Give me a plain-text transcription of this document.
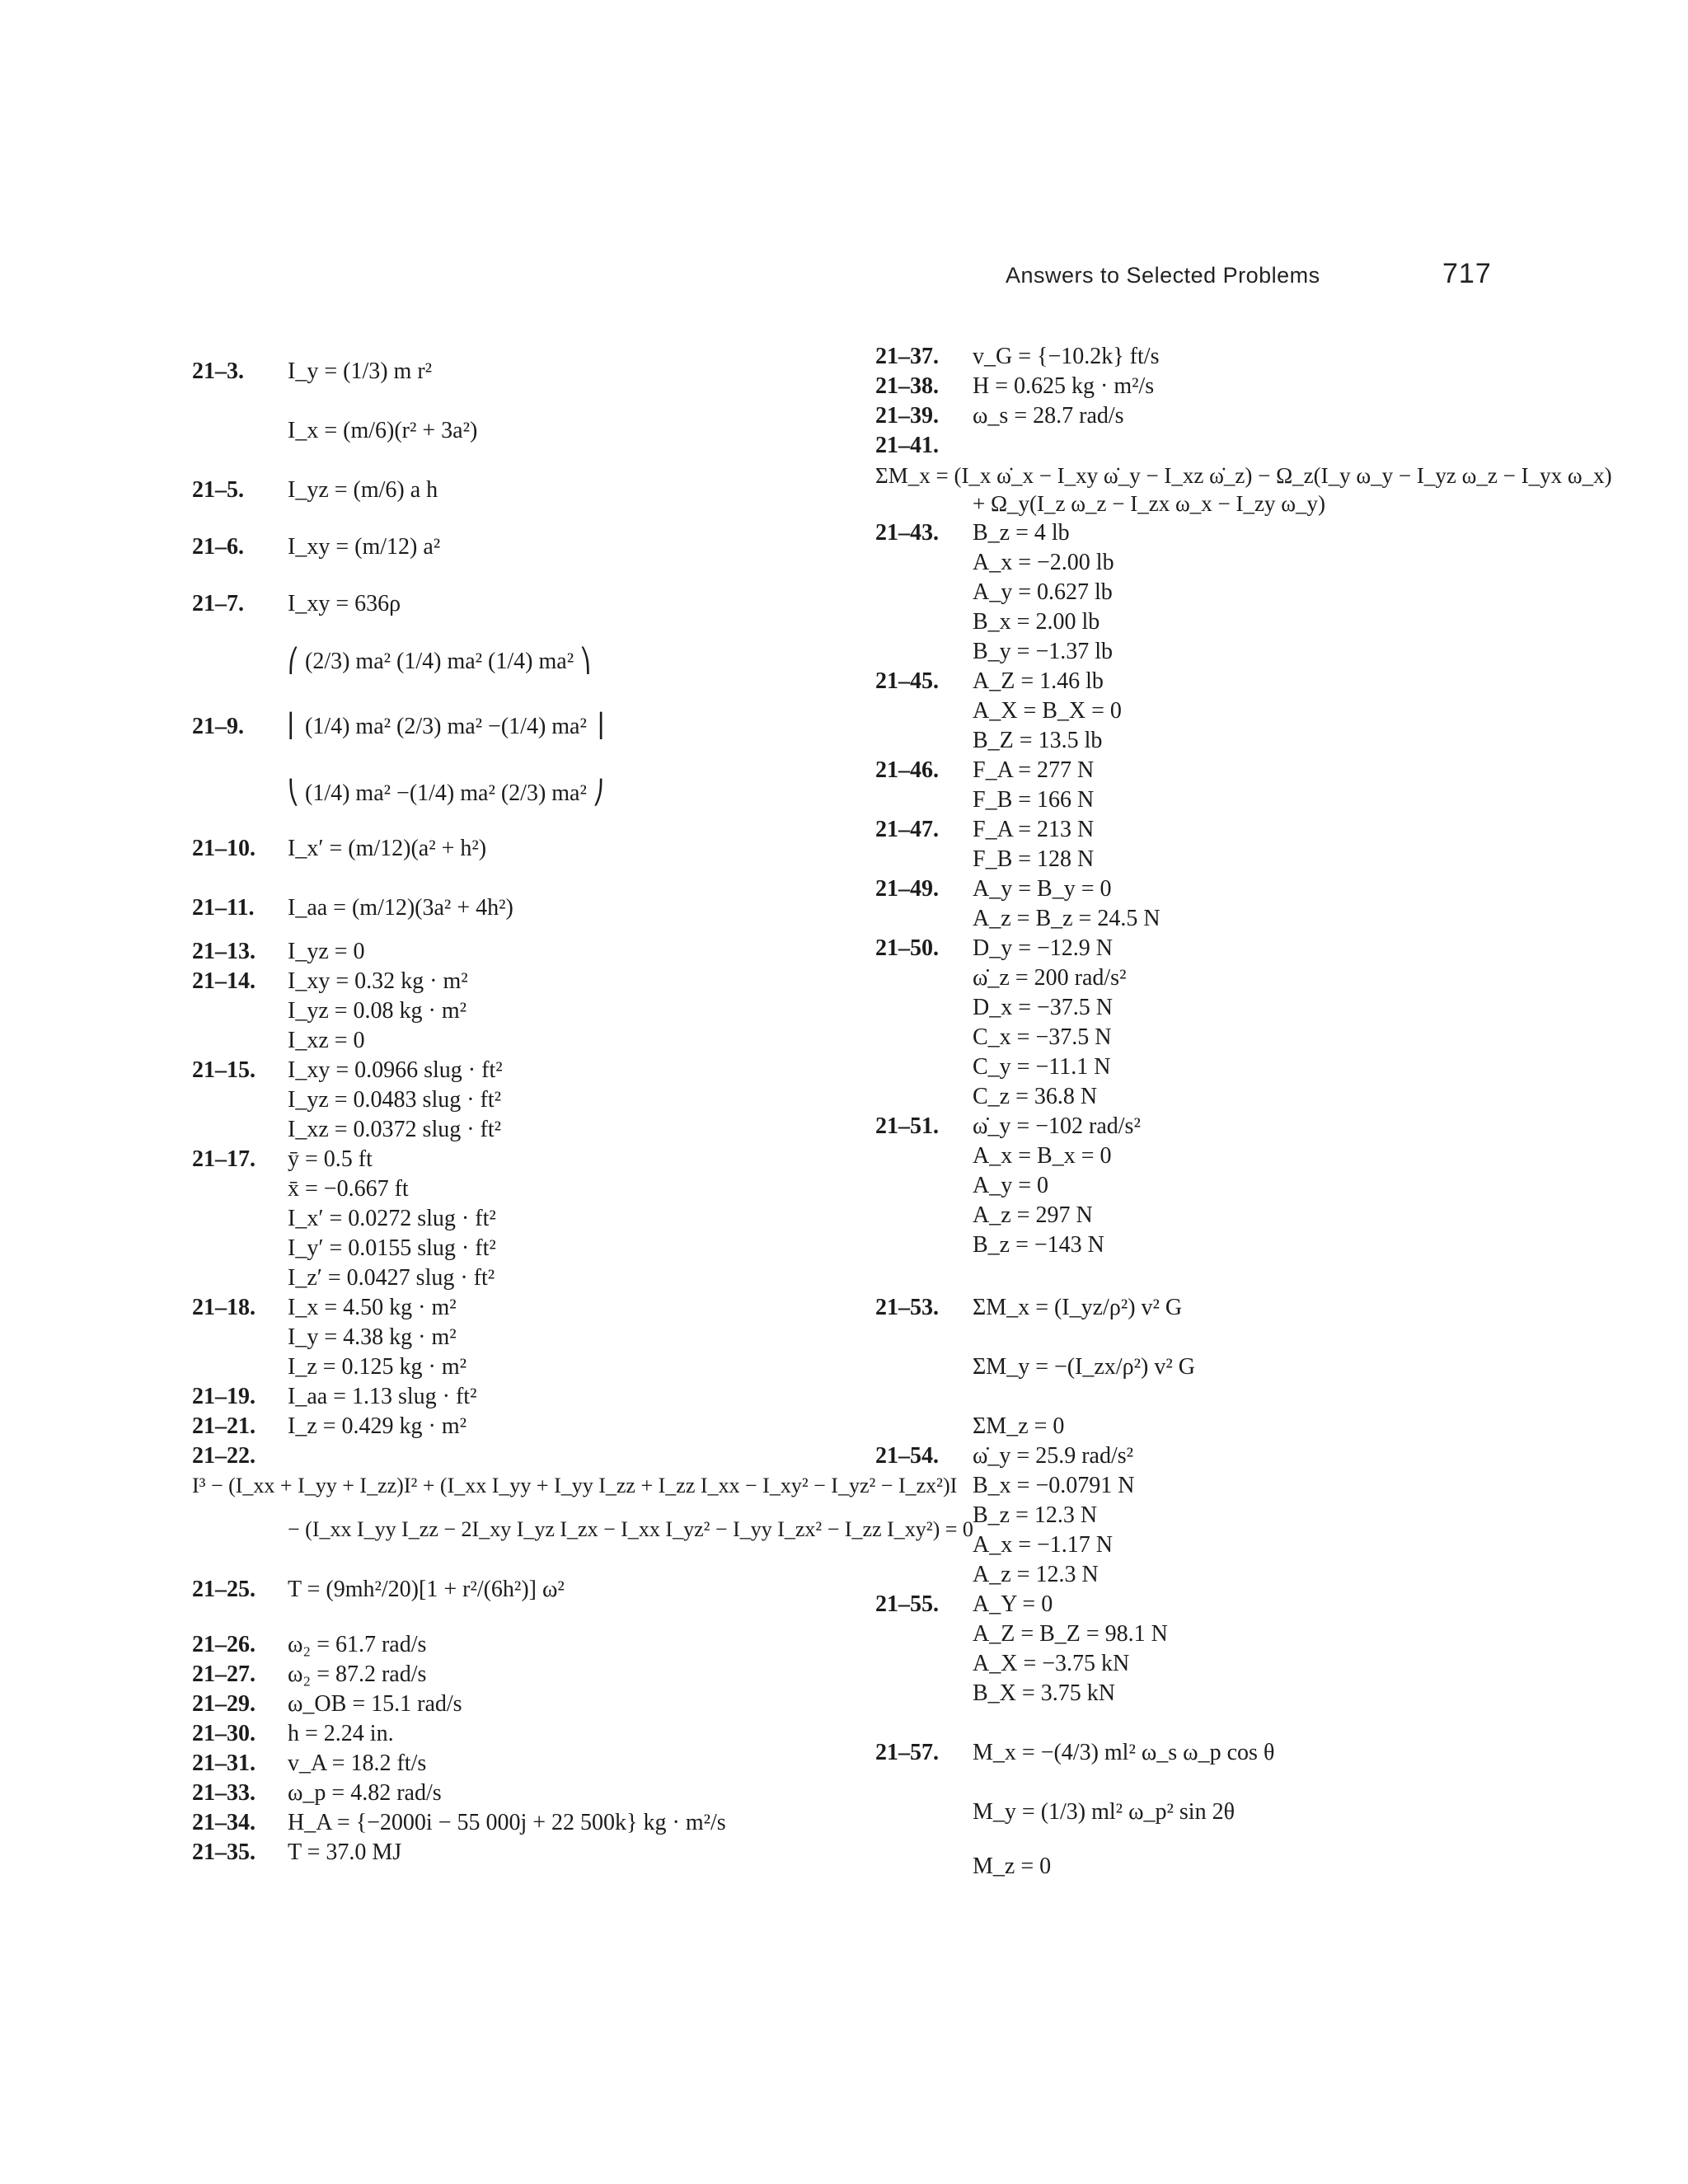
Answers to Selected Problems	717
21–3. I_y = (1/3) m r²
I_x = (m/6)(r² + 3a²)
21–5. I_yz = (m/6) a h
21–6. I_xy = (m/12) a²
21–7. I_xy = 636ρ
⎛ (2/3) ma² (1/4) ma² (1/4) ma² ⎞
21–9. ⎜ (1/4) ma² (2/3) ma² −(1/4) ma² ⎟
⎝ (1/4) ma² −(1/4) ma² (2/3) ma² ⎠
21–10. I_x′ = (m/12)(a² + h²)
21–11. I_aa = (m/12)(3a² + 4h²)
21–13. I_yz = 0
21–14. I_xy = 0.32 kg · m²
I_yz = 0.08 kg · m²
I_xz = 0
21–15. I_xy = 0.0966 slug · ft²
I_yz = 0.0483 slug · ft²
I_xz = 0.0372 slug · ft²
21–17. ȳ = 0.5 ft
x̄ = −0.667 ft
I_x′ = 0.0272 slug · ft²
I_y′ = 0.0155 slug · ft²
I_z′ = 0.0427 slug · ft²
21–18. I_x = 4.50 kg · m²
I_y = 4.38 kg · m²
I_z = 0.125 kg · m²
21–19. I_aa = 1.13 slug · ft²
21–21. I_z = 0.429 kg · m²
21–22.
I³ − (I_xx + I_yy + I_zz)I² + (I_xx I_yy + I_yy I_zz + I_zz I_xx − I_xy² − I_yz² − I_zx²)I
− (I_xx I_yy I_zz − 2I_xy I_yz I_zx − I_xx I_yz² − I_yy I_zx² − I_zz I_xy²) = 0
21–25. T = (9mh²/20)[1 + r²/(6h²)] ω²
21–26. ω₂ = 61.7 rad/s
21–27. ω₂ = 87.2 rad/s
21–29. ω_OB = 15.1 rad/s
21–30. h = 2.24 in.
21–31. v_A = 18.2 ft/s
21–33. ω_p = 4.82 rad/s
21–34. H_A = {−2000i − 55 000j + 22 500k} kg · m²/s
21–35. T = 37.0 MJ
21–37. v_G = {−10.2k} ft/s
21–38. H = 0.625 kg · m²/s
21–39. ω_s = 28.7 rad/s
21–41.
ΣM_x = (I_x ω̇_x − I_xy ω̇_y − I_xz ω̇_z) − Ω_z(I_y ω_y − I_yz ω_z − I_yx ω_x)
+ Ω_y(I_z ω_z − I_zx ω_x − I_zy ω_y)
21–43. B_z = 4 lb
A_x = −2.00 lb
A_y = 0.627 lb
B_x = 2.00 lb
B_y = −1.37 lb
21–45. A_Z = 1.46 lb
A_X = B_X = 0
B_Z = 13.5 lb
21–46. F_A = 277 N
F_B = 166 N
21–47. F_A = 213 N
F_B = 128 N
21–49. A_y = B_y = 0
A_z = B_z = 24.5 N
21–50. D_y = −12.9 N
ω̇_z = 200 rad/s²
D_x = −37.5 N
C_x = −37.5 N
C_y = −11.1 N
C_z = 36.8 N
21–51. ω̇_y = −102 rad/s²
A_x = B_x = 0
A_y = 0
A_z = 297 N
B_z = −143 N
21–53. ΣM_x = (I_yz/ρ²) v² G
ΣM_y = −(I_zx/ρ²) v² G
ΣM_z = 0
21–54. ω̇_y = 25.9 rad/s²
B_x = −0.0791 N
B_z = 12.3 N
A_x = −1.17 N
A_z = 12.3 N
21–55. A_Y = 0
A_Z = B_Z = 98.1 N
A_X = −3.75 kN
B_X = 3.75 kN
21–57. M_x = −(4/3) ml² ω_s ω_p cos θ
M_y = (1/3) ml² ω_p² sin 2θ
M_z = 0
